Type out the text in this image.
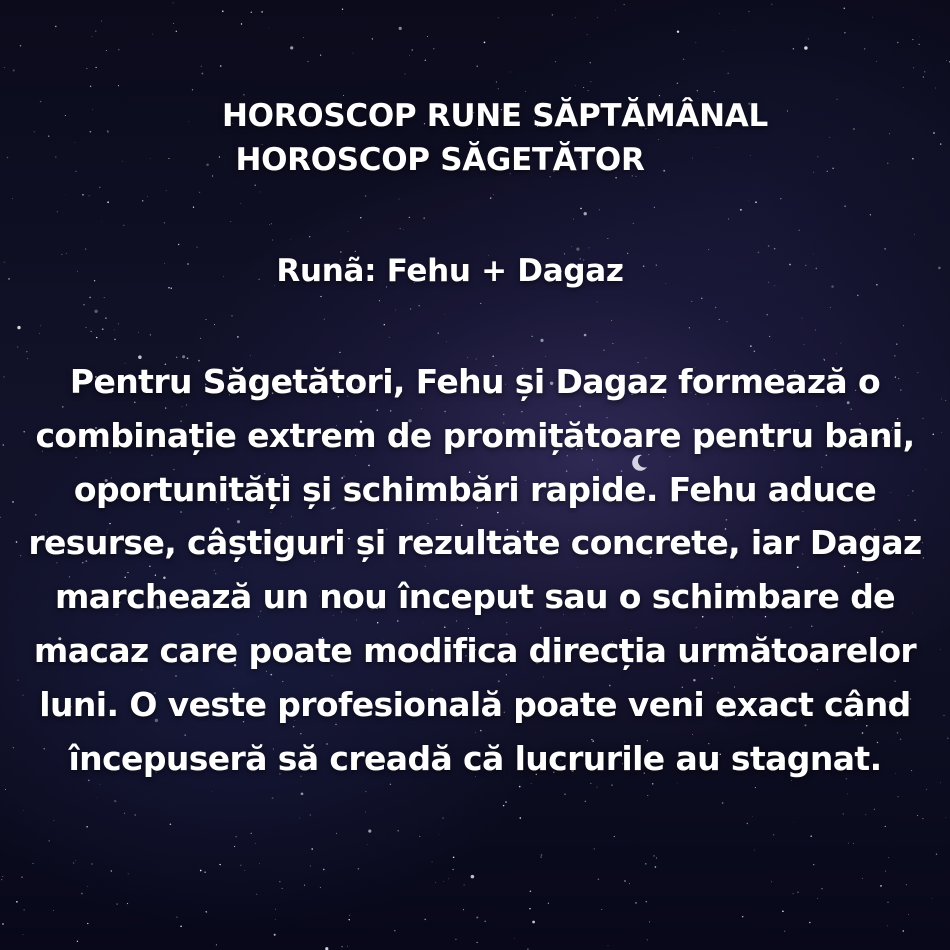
HOROSCOP RUNE SĂPTĂMÂNAL
HOROSCOP SĂGETĂTOR
Runã: Fehu + Dagaz
Pentru Săgetători, Fehu și Dagaz formează o combinație extrem de promițătoare pentru bani, oportunități și schimbări rapide. Fehu aduce resurse, câștiguri și rezultate concrete, iar Dagaz marchează un nou început sau o schimbare de macaz care poate modifica direcția următoarelor luni. O veste profesională poate veni exact când începuseră să creadă că lucrurile au stagnat.
